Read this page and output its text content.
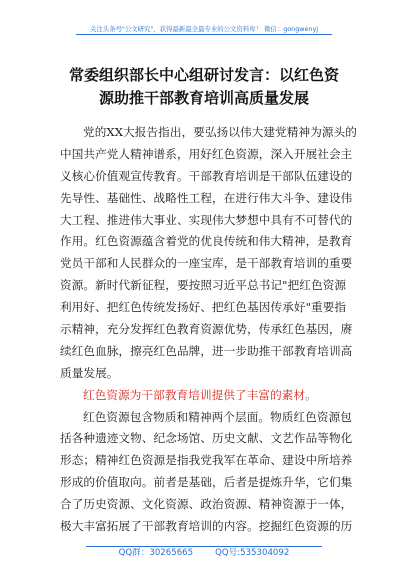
关注头条号"公文研究"，获得最新最全最专业的公文资料库！ 微信：gongwenyj
常委组织部长中心组研讨发言：以红色资
源助推干部教育培训高质量发展
党的XX大报告指出，要弘扬以伟大建党精神为源头的
中国共产党人精神谱系，用好红色资源，深入开展社会主
义核心价值观宣传教育。干部教育培训是干部队伍建设的
先导性、基础性、战略性工程，在进行伟大斗争、建设伟
大工程、推进伟大事业、实现伟大梦想中具有不可替代的
作用。红色资源蕴含着党的优良传统和伟大精神，是教育
党员干部和人民群众的一座宝库，是干部教育培训的重要
资源。新时代新征程，要按照习近平总书记"把红色资源
利用好、把红色传统发扬好、把红色基因传承好"重要指
示精神，充分发挥红色教育资源优势，传承红色基因，赓
续红色血脉，擦亮红色品牌，进一步助推干部教育培训高
质量发展。
红色资源为干部教育培训提供了丰富的素材。
红色资源包含物质和精神两个层面。物质红色资源包
括各种遗迹文物、纪念场馆、历史文献、文艺作品等物化
形态；精神红色资源是指我党我军在革命、建设中所培养
形成的价值取向。前者是基础，后者是提炼升华，它们集
合了历史资源、文化资源、政治资源、精神资源于一体，
极大丰富拓展了干部教育培训的内容。挖掘红色资源的历
QQ群：30265665	QQ号:535304092
